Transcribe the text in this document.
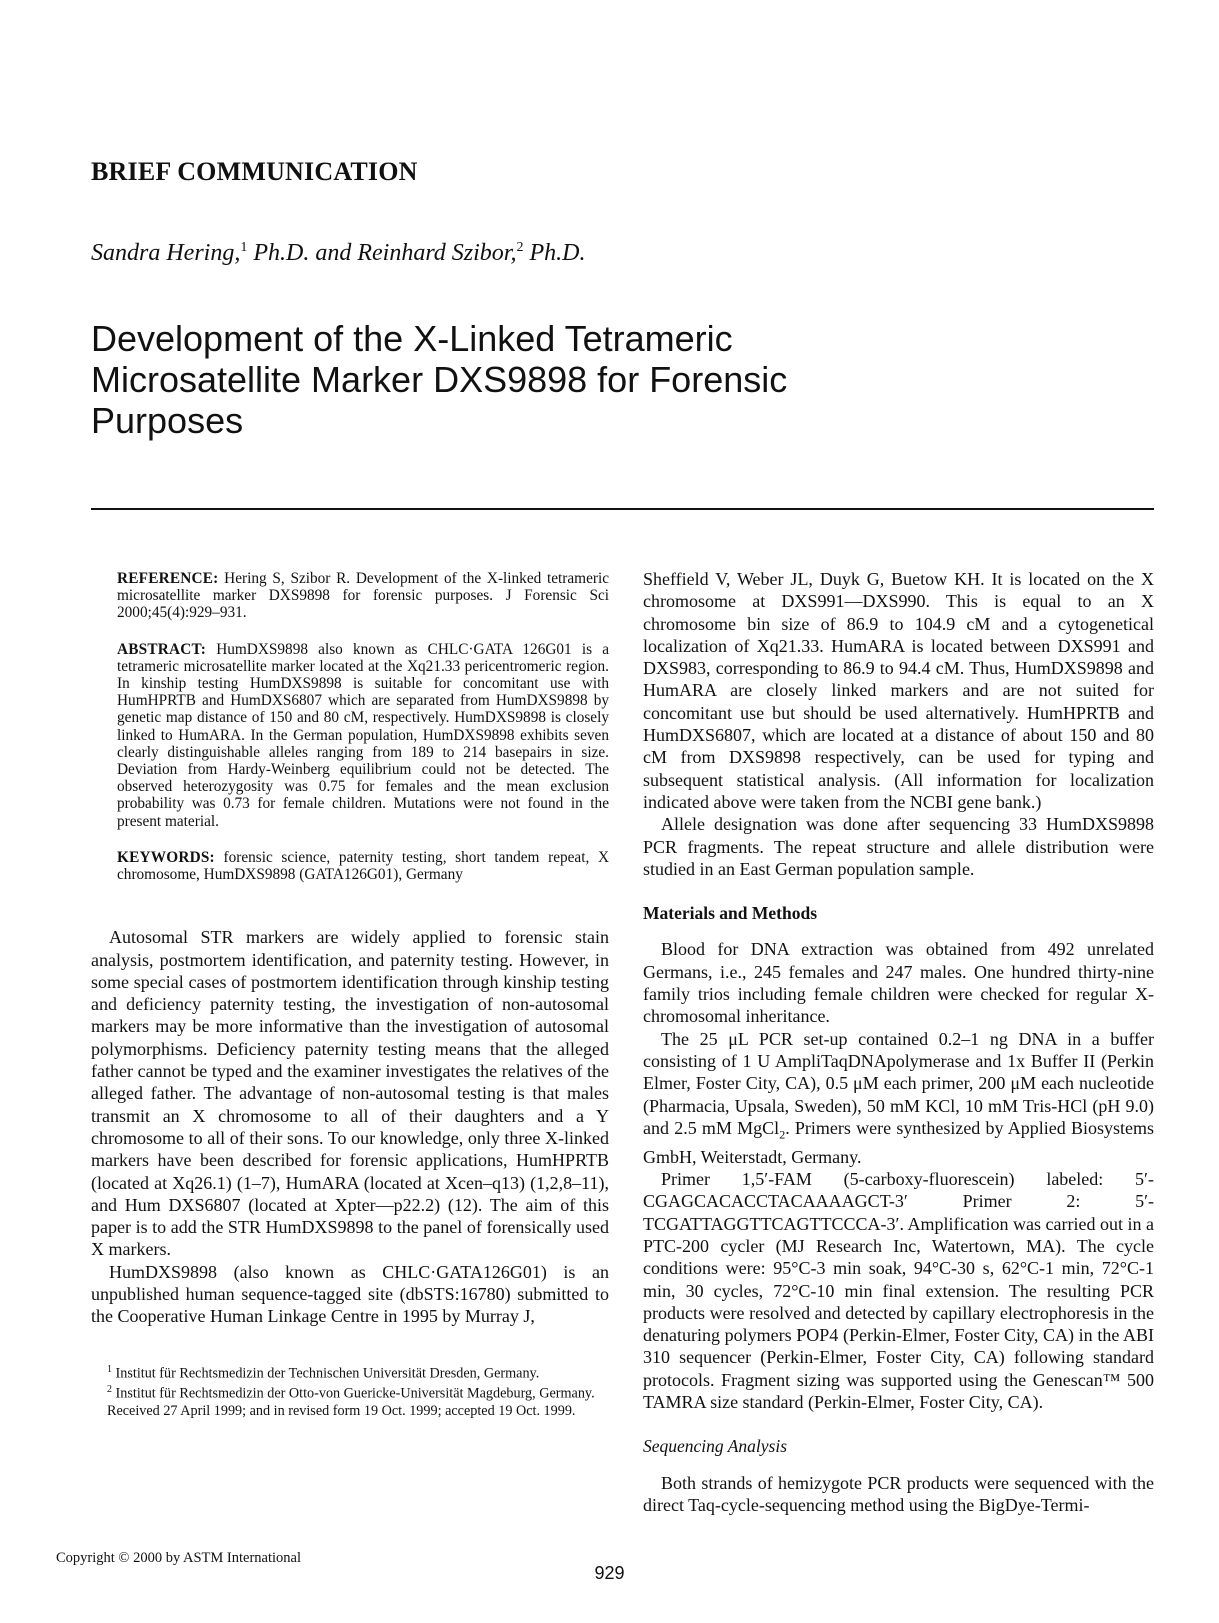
BRIEF COMMUNICATION
Sandra Hering,$^1$ Ph.D. and Reinhard Szibor,$^2$ Ph.D.
Development of the X-Linked Tetrameric Microsatellite Marker DXS9898 for Forensic Purposes

REFERENCE: Hering S, Szibor R. Development of the X-linked tetrameric microsatellite marker DXS9898 for forensic purposes. J Forensic Sci 2000;45(4):929–931.

ABSTRACT: HumDXS9898 also known as CHLC·GATA 126G01 is a tetrameric microsatellite marker located at the Xq21.33 pericentromeric region. In kinship testing HumDXS9898 is suitable for concomitant use with HumHPRTB and HumDXS6807 which are separated from HumDXS9898 by genetic map distance of 150 and 80 cM, respectively. HumDXS9898 is closely linked to HumARA. In the German population, HumDXS9898 exhibits seven clearly distinguishable alleles ranging from 189 to 214 basepairs in size. Deviation from Hardy-Weinberg equilibrium could not be detected. The observed heterozygosity was 0.75 for females and the mean exclusion probability was 0.73 for female children. Mutations were not found in the present material.

KEYWORDS: forensic science, paternity testing, short tandem repeat, X chromosome, HumDXS9898 (GATA126G01), Germany

Autosomal STR markers are widely applied to forensic stain analysis, postmortem identification, and paternity testing. However, in some special cases of postmortem identification through kinship testing and deficiency paternity testing, the investigation of non-autosomal markers may be more informative than the investigation of autosomal polymorphisms. Deficiency paternity testing means that the alleged father cannot be typed and the examiner investigates the relatives of the alleged father. The advantage of non-autosomal testing is that males transmit an X chromosome to all of their daughters and a Y chromosome to all of their sons. To our knowledge, only three X-linked markers have been described for forensic applications, HumHPRTB (located at Xq26.1) (1–7), HumARA (located at Xcen–q13) (1,2,8–11), and Hum DXS6807 (located at Xpter—p22.2) (12). The aim of this paper is to add the STR HumDXS9898 to the panel of forensically used X markers.

HumDXS9898 (also known as CHLC·GATA126G01) is an unpublished human sequence-tagged site (dbSTS:16780) submitted to the Cooperative Human Linkage Centre in 1995 by Murray J,

$^1$ Institut für Rechtsmedizin der Technischen Universität Dresden, Germany.

$^2$ Institut für Rechtsmedizin der Otto-von Guericke-Universität Magdeburg, Germany.

Received 27 April 1999; and in revised form 19 Oct. 1999; accepted 19 Oct. 1999.

Sheffield V, Weber JL, Duyk G, Buetow KH. It is located on the X chromosome at DXS991—DXS990. This is equal to an X chromosome bin size of 86.9 to 104.9 cM and a cytogenetical localization of Xq21.33. HumARA is located between DXS991 and DXS983, corresponding to 86.9 to 94.4 cM. Thus, HumDXS9898 and HumARA are closely linked markers and are not suited for concomitant use but should be used alternatively. HumHPRTB and HumDXS6807, which are located at a distance of about 150 and 80 cM from DXS9898 respectively, can be used for typing and subsequent statistical analysis. (All information for localization indicated above were taken from the NCBI gene bank.)

Allele designation was done after sequencing 33 HumDXS9898 PCR fragments. The repeat structure and allele distribution were studied in an East German population sample.

Materials and Methods

Blood for DNA extraction was obtained from 492 unrelated Germans, i.e., 245 females and 247 males. One hundred thirty-nine family trios including female children were checked for regular X-chromosomal inheritance.

The 25 μL PCR set-up contained 0.2–1 ng DNA in a buffer consisting of 1 U AmpliTaqDNApolymerase and 1x Buffer II (Perkin Elmer, Foster City, CA), 0.5 μM each primer, 200 μM each nucleotide (Pharmacia, Upsala, Sweden), 50 mM KCl, 10 mM Tris-HCl (pH 9.0) and 2.5 mM MgCl$_2$. Primers were synthesized by Applied Biosystems GmbH, Weiterstadt, Germany.

Primer 1,5′-FAM (5-carboxy-fluorescein) labeled: 5′-CGAGCACACCTACAAAAGCT-3′ Primer 2: 5′-TCGATTAGGTTCAGTTCCCA-3′. Amplification was carried out in a PTC-200 cycler (MJ Research Inc, Watertown, MA). The cycle conditions were: 95°C-3 min soak, 94°C-30 s, 62°C-1 min, 72°C-1 min, 30 cycles, 72°C-10 min final extension. The resulting PCR products were resolved and detected by capillary electrophoresis in the denaturing polymers POP4 (Perkin-Elmer, Foster City, CA) in the ABI 310 sequencer (Perkin-Elmer, Foster City, CA) following standard protocols. Fragment sizing was supported using the Genescan™ 500 TAMRA size standard (Perkin-Elmer, Foster City, CA).

Sequencing Analysis

Both strands of hemizygote PCR products were sequenced with the direct Taq-cycle-sequencing method using the BigDye-Termi-

Copyright © 2000 by ASTM International
929
